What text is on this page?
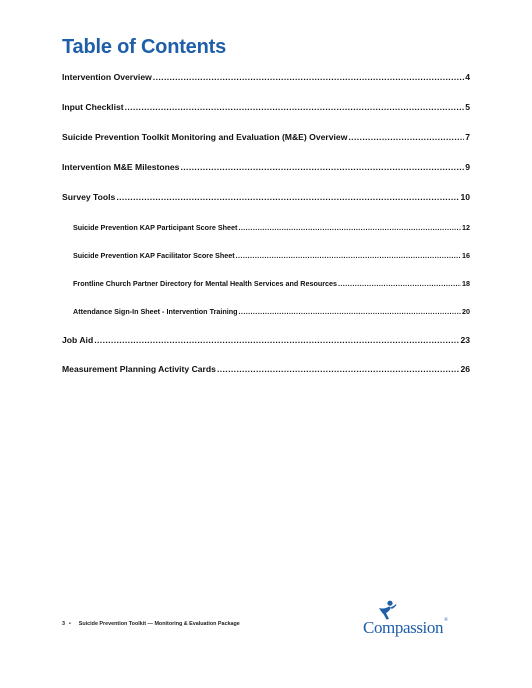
Table of Contents
Intervention Overview .....	4
Input Checklist .....	5
Suicide Prevention Toolkit Monitoring and Evaluation (M&E) Overview .....	7
Intervention M&E Milestones .....	9
Survey Tools .....	10
Suicide Prevention KAP Participant Score Sheet .....	12
Suicide Prevention KAP Facilitator Score Sheet .....	16
Frontline Church Partner Directory for Mental Health Services and Resources .....	18
Attendance Sign-In Sheet - Intervention Training .....	20
Job Aid .....	23
Measurement Planning Activity Cards .....	26
3 • Suicide Prevention Toolkit — Monitoring & Evaluation Package	Compassion®
